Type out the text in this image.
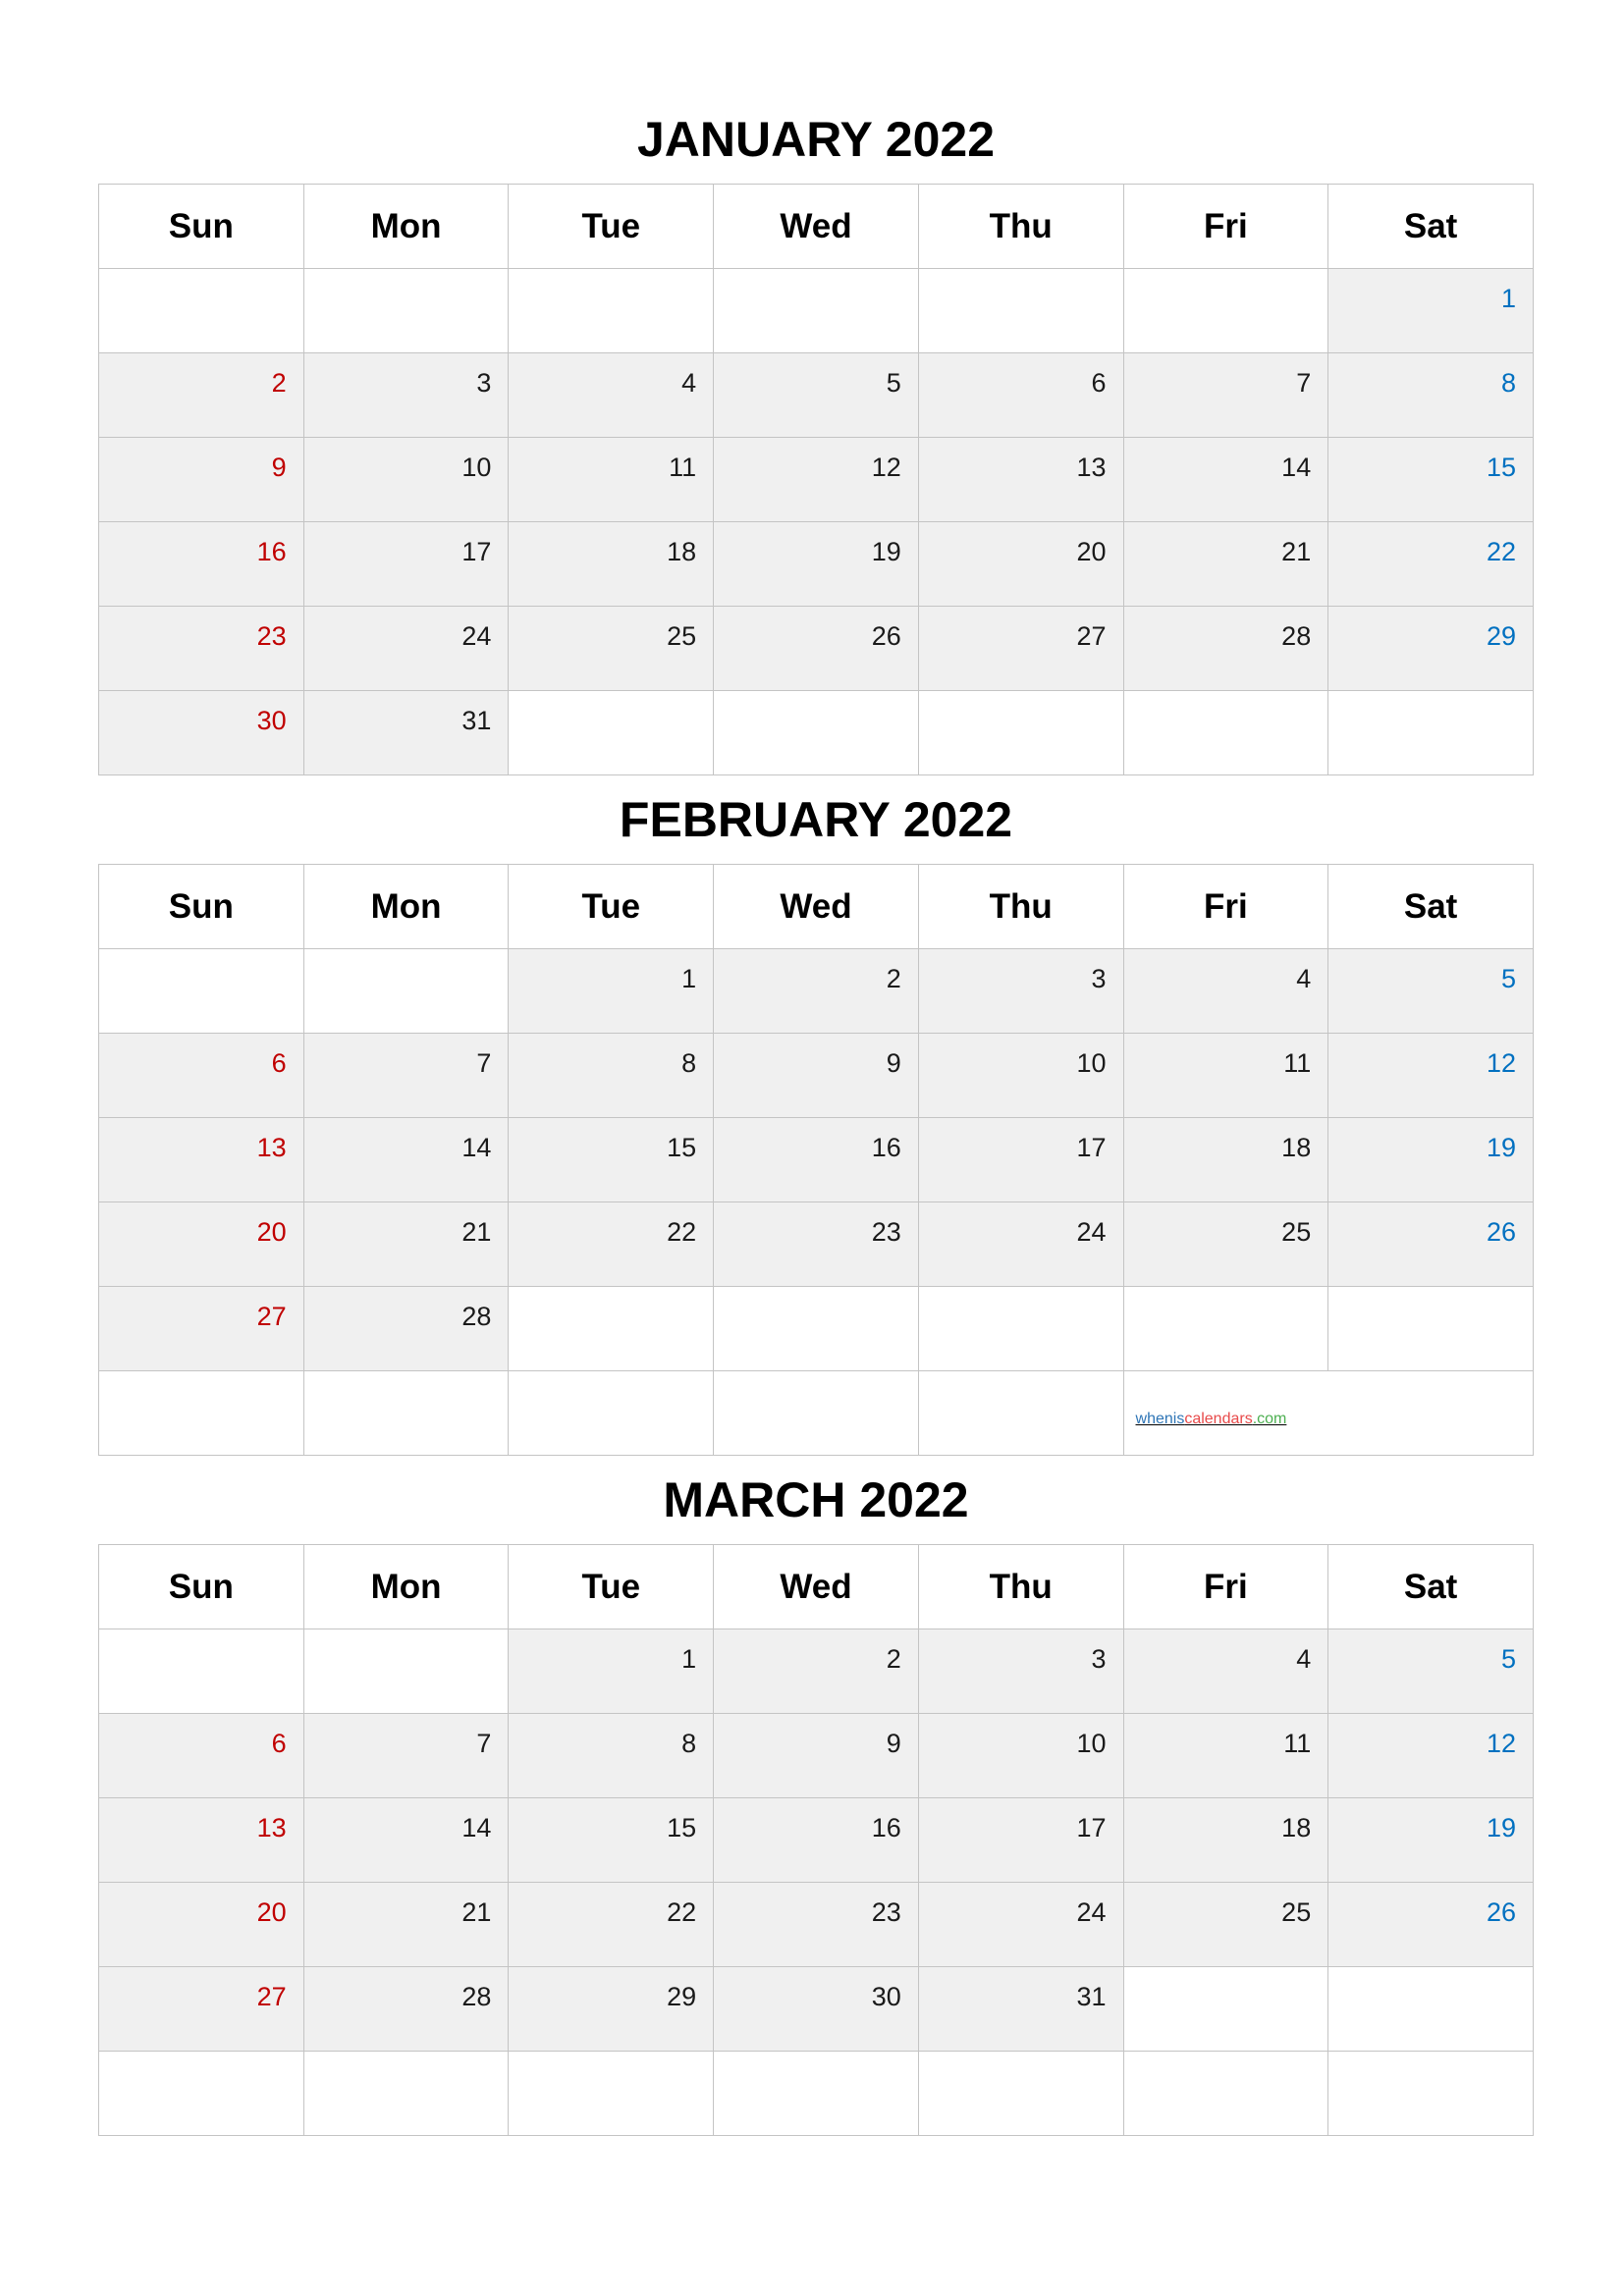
JANUARY 2022
FEBRUARY 2022
MARCH 2022
Sun	Mon	Tue	Wed	Thu	Fri	Sat

						1

2	3	4	5	6	7	8

9	10	11	12	13	14	15

16	17	18	19	20	21	22

23	24	25	26	27	28	29

30	31					

Sun	Mon	Tue	Wed	Thu	Fri	Sat

		1	2	3	4	5

6	7	8	9	10	11	12

13	14	15	16	17	18	19

20	21	22	23	24	25	26

27	28					

					wheniscalendars.com	
Sun	Mon	Tue	Wed	Thu	Fri	Sat

		1	2	3	4	5

6	7	8	9	10	11	12

13	14	15	16	17	18	19

20	21	22	23	24	25	26

27	28	29	30	31		
